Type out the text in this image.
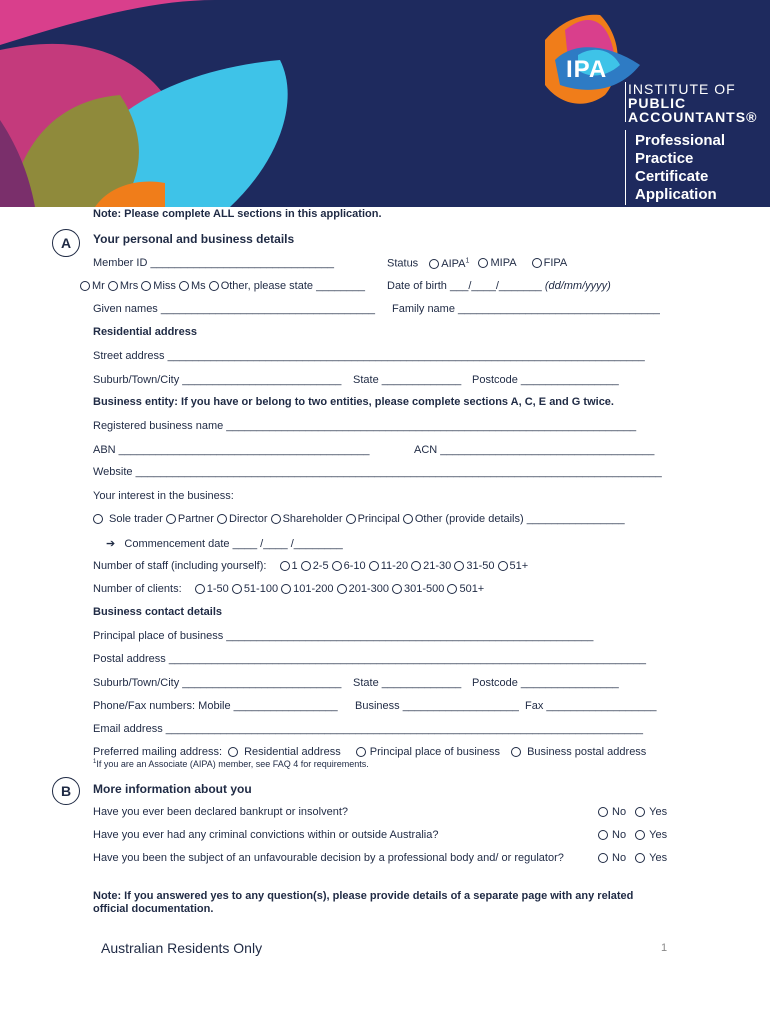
IPA
INSTITUTE OF
PUBLIC
ACCOUNTANTS®
Professional
Practice
Certificate
Application
Note: Please complete ALL sections in this application.
A	Your personal and business details
Member ID ______________________________	Status AIPA$^1$ MIPA FIPA
Mr Mrs Miss Ms Other, please state ________ Date of birth ___/____/_______ (dd/mm/yyyy)
Given names ___________________________________ Family name _________________________________
Residential address
Street address ______________________________________________________________________________
Suburb/Town/City __________________________ State _____________ Postcode ________________
Business entity: If you have or belong to two entities, please complete sections A, C, E and G twice.
Registered business name ___________________________________________________________________
ABN _________________________________________	ACN ___________________________________
Website ______________________________________________________________________________________
Your interest in the business:
Sole trader Partner Director Shareholder Principal Other (provide details) ________________
➔ Commencement date ____ /____ /________
Number of staff (including yourself): 1 2-5 6-10 11-20 21-30 31-50 51+
Number of clients: 1-50 51-100 101-200 201-300 301-500 501+
Business contact details
Principal place of business ____________________________________________________________
Postal address ______________________________________________________________________________
Suburb/Town/City __________________________ State _____________ Postcode ________________
Phone/Fax numbers: Mobile _________________ Business ___________________ Fax __________________
Email address ______________________________________________________________________________
Preferred mailing address: Residential address	Principal place of business Business postal address
$^1$If you are an Associate (AIPA) member, see FAQ 4 for requirements.
B	More information about you
Have you ever been declared bankrupt or insolvent?	No Yes
Have you ever had any criminal convictions within or outside Australia?	No Yes
Have you been the subject of an unfavourable decision by a professional body and/ or regulator?	No Yes
Note: If you answered yes to any question(s), please provide details of a separate page with any related
official documentation.
Australian Residents Only	1
